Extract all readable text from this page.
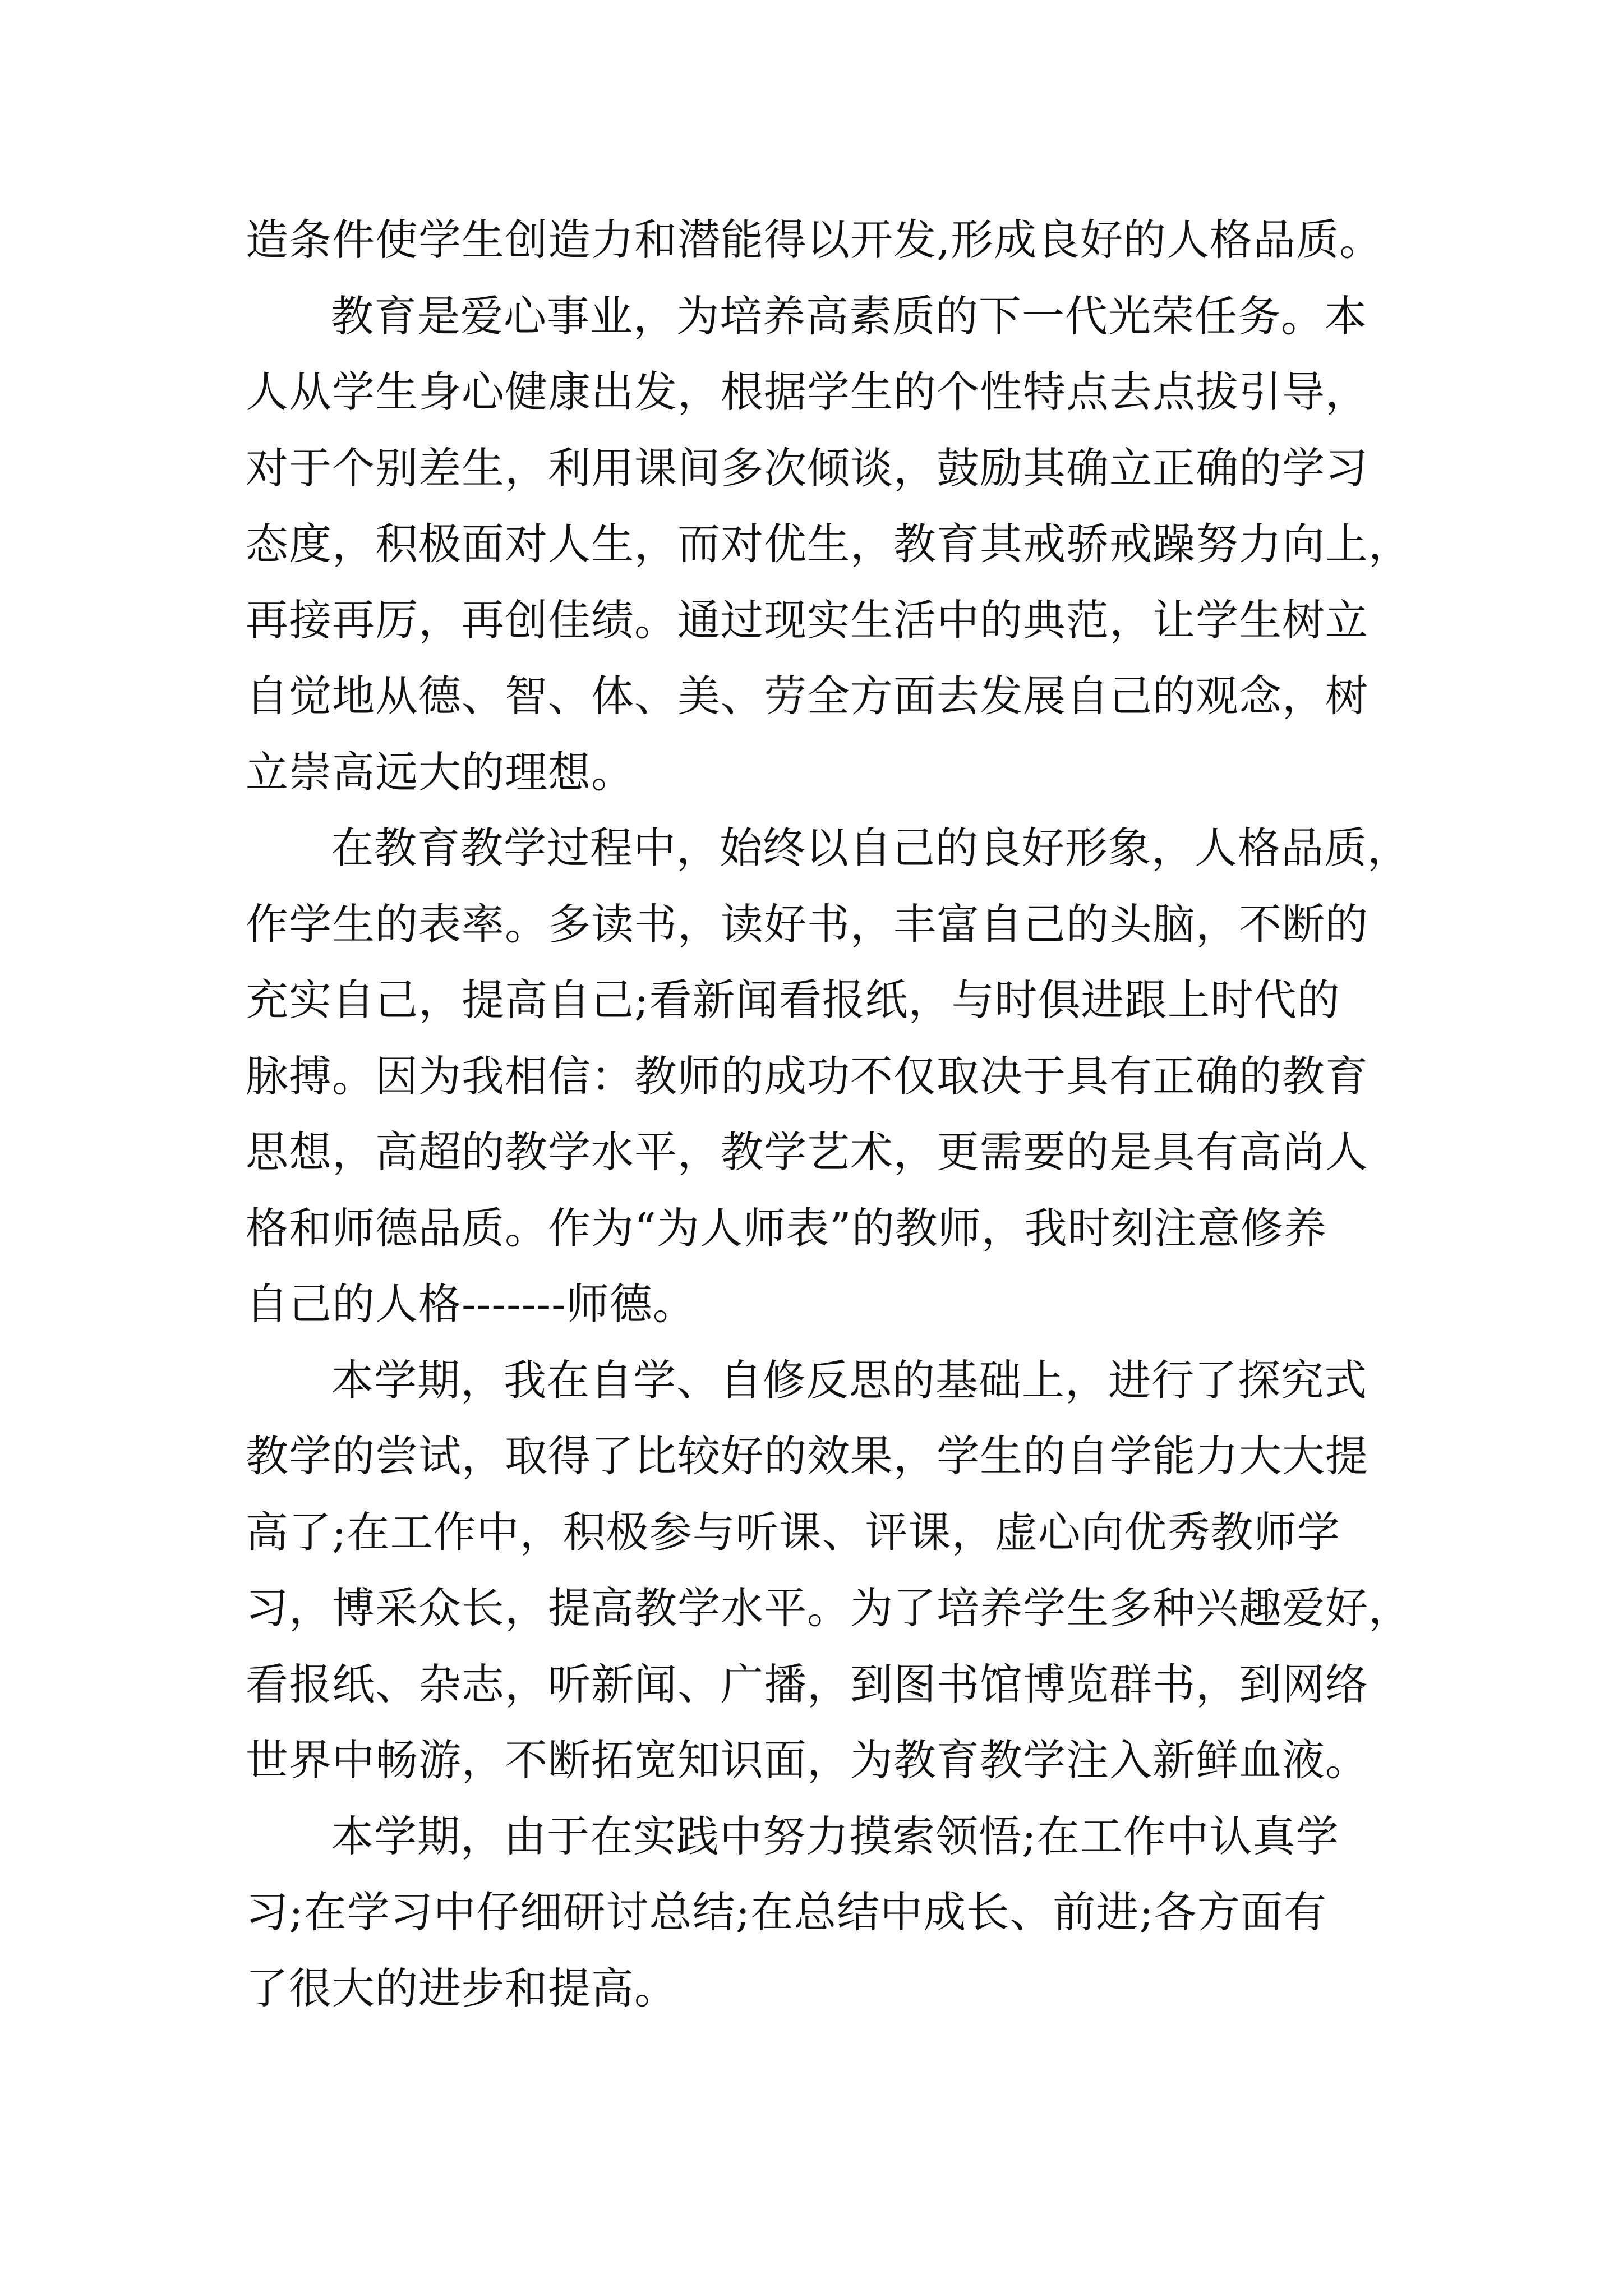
造条件使学生创造力和潜能得以开发,形成良好的人格品质。
教育是爱心事业，为培养高素质的下一代光荣任务。本
人从学生身心健康出发，根据学生的个性特点去点拔引导，
对于个别差生，利用课间多次倾谈，鼓励其确立正确的学习
态度，积极面对人生，而对优生，教育其戒骄戒躁努力向上，
再接再厉，再创佳绩。通过现实生活中的典范，让学生树立
自觉地从德、智、体、美、劳全方面去发展自己的观念，树
立崇高远大的理想。
在教育教学过程中，始终以自己的良好形象，人格品质，
作学生的表率。多读书，读好书，丰富自己的头脑，不断的
充实自己，提高自己;看新闻看报纸，与时俱进跟上时代的
脉搏。因为我相信：教师的成功不仅取决于具有正确的教育
思想，高超的教学水平，教学艺术，更需要的是具有高尚人
格和师德品质。作为“为人师表”的教师，我时刻注意修养
自己的人格-------师德。
本学期，我在自学、自修反思的基础上，进行了探究式
教学的尝试，取得了比较好的效果，学生的自学能力大大提
高了;在工作中，积极参与听课、评课，虚心向优秀教师学
习，博采众长，提高教学水平。为了培养学生多种兴趣爱好，
看报纸、杂志，听新闻、广播，到图书馆博览群书，到网络
世界中畅游，不断拓宽知识面，为教育教学注入新鲜血液。
本学期，由于在实践中努力摸索领悟;在工作中认真学
习;在学习中仔细研讨总结;在总结中成长、前进;各方面有
了很大的进步和提高。
